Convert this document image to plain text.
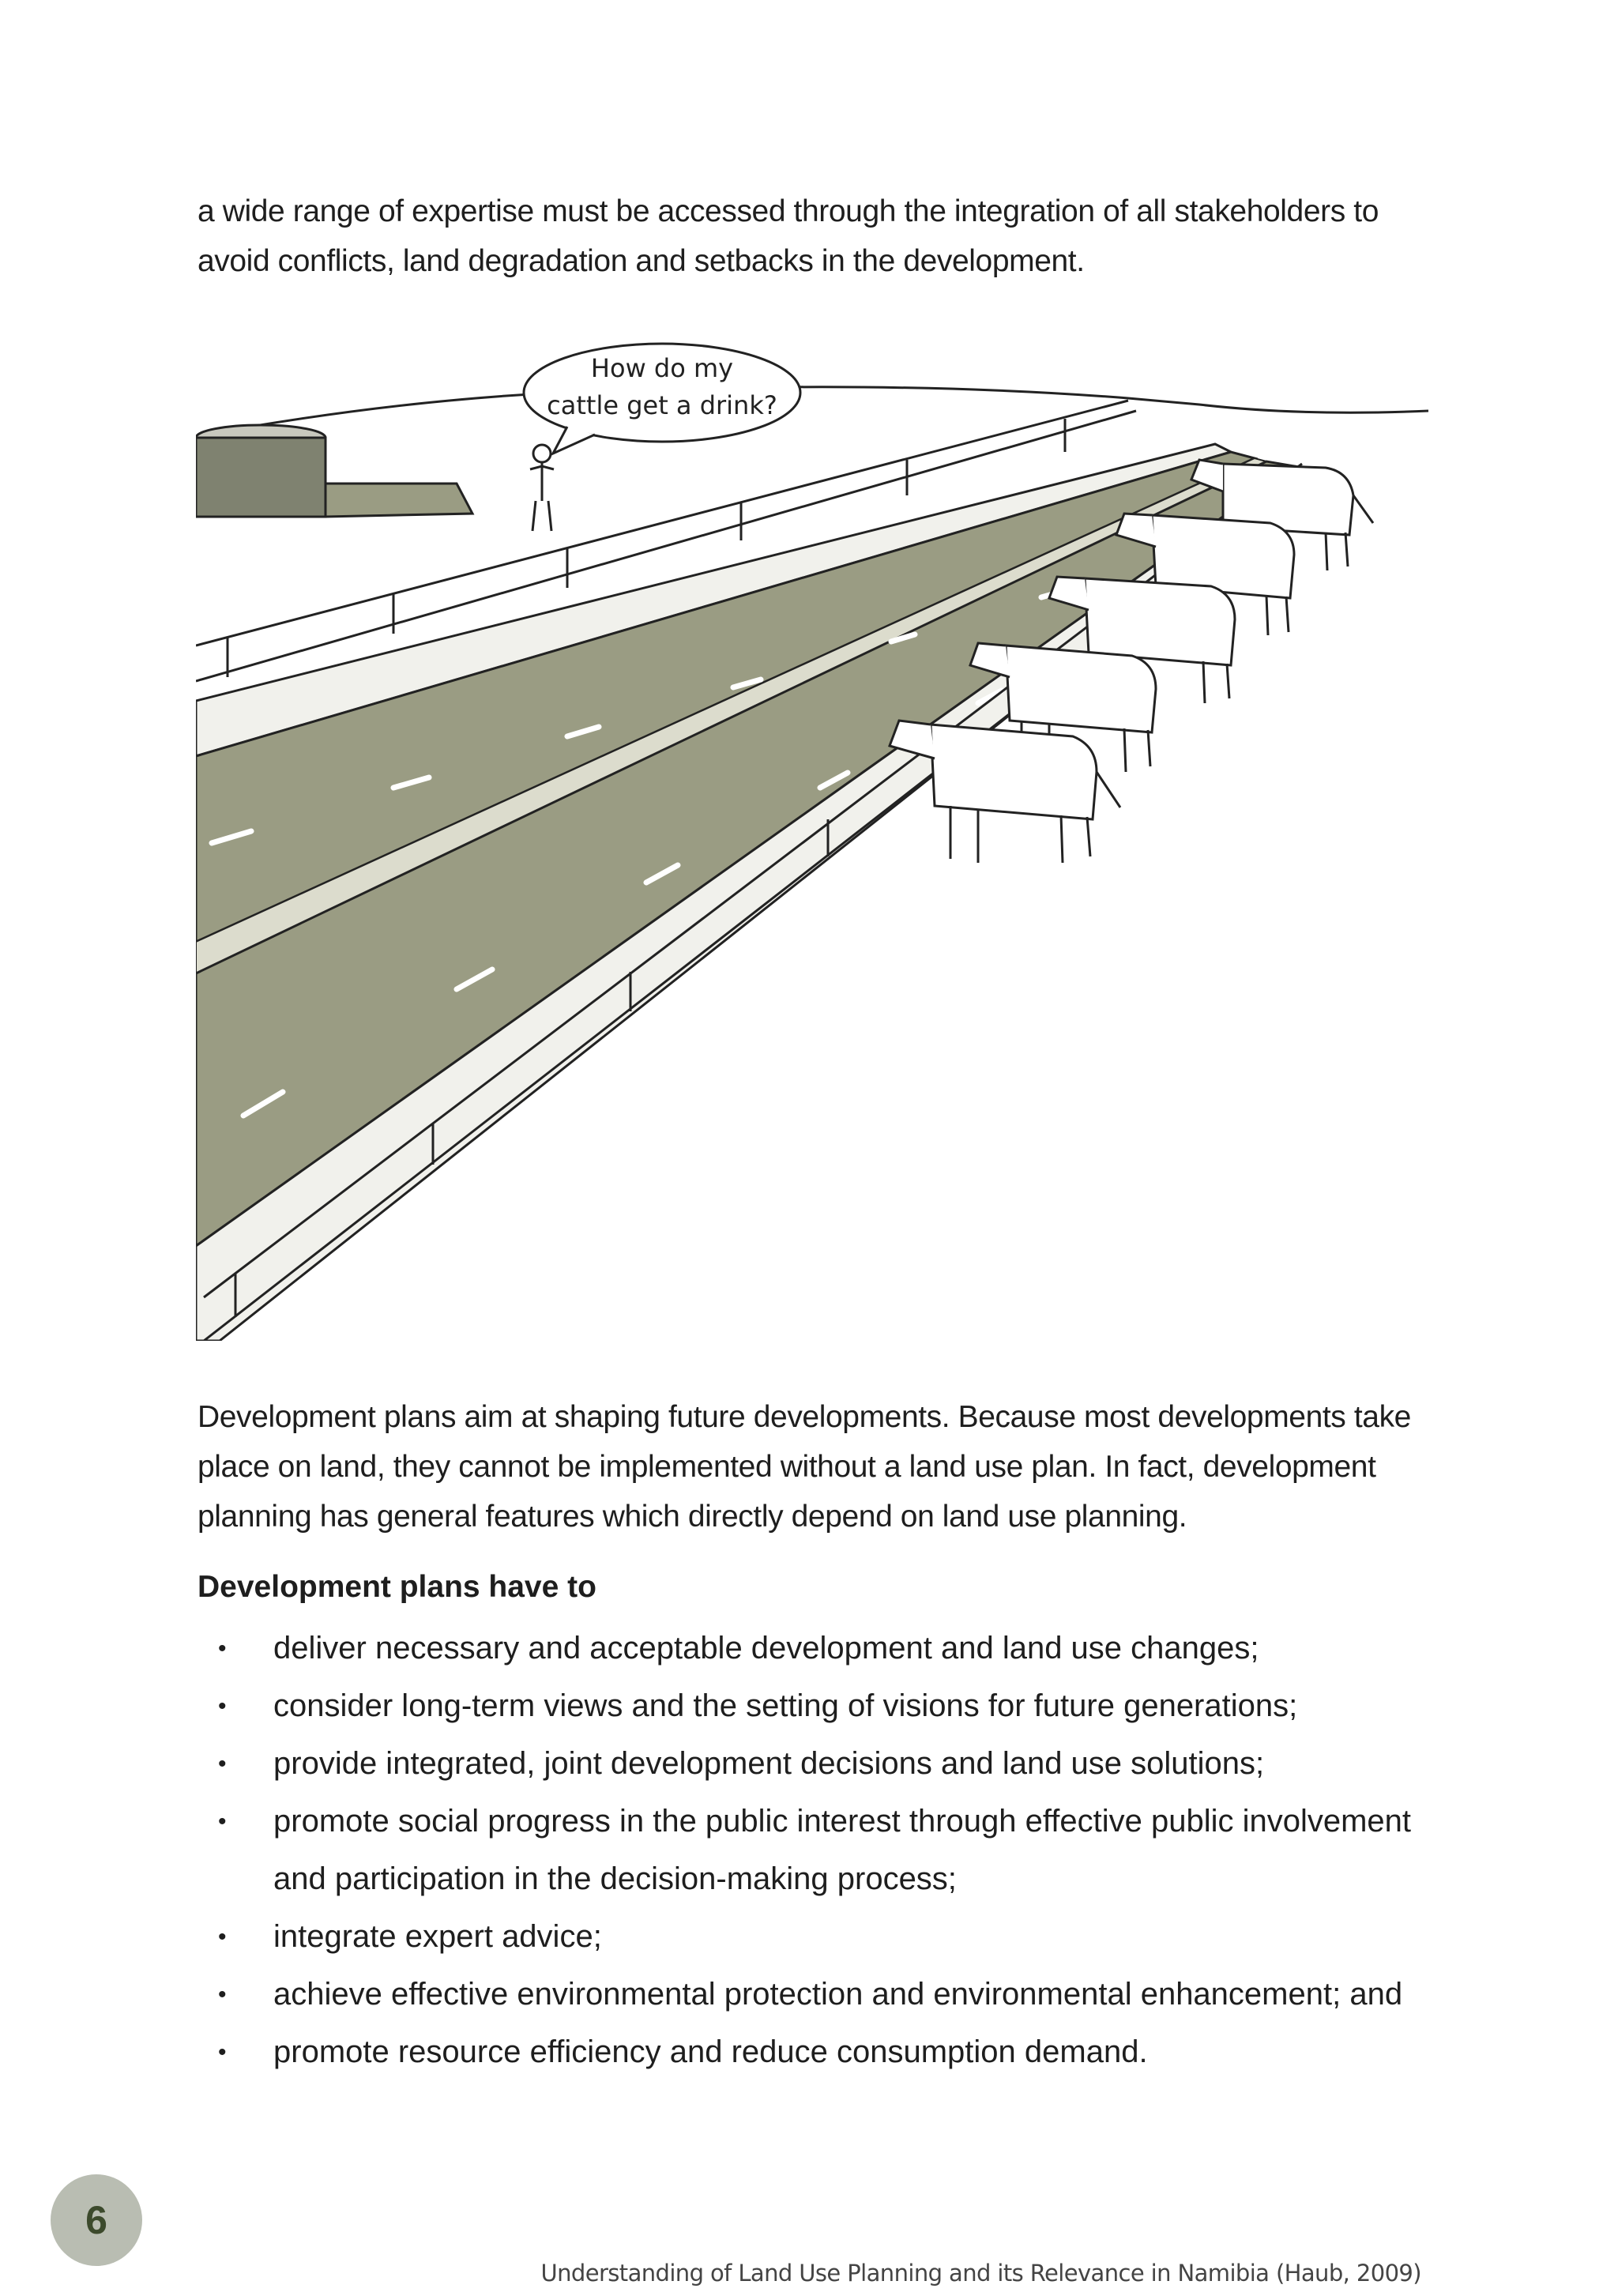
a wide range of expertise must be accessed through the integration of all stakeholders to avoid conflicts, land degradation and setbacks in the development.
How do my
cattle get a drink?
Development plans aim at shaping future developments. Because most developments take place on land, they cannot be implemented without a land use plan. In fact, development planning has general features which directly depend on land use planning.
Development plans have to
• deliver necessary and acceptable development and land use changes;
• consider long-term views and the setting of visions for future generations;
• provide integrated, joint development decisions and land use solutions;
• promote social progress in the public interest through effective public involvement and participation in the decision-making process;
• integrate expert advice;
• achieve effective environmental protection and environmental enhancement; and
• promote resource efficiency and reduce consumption demand.
6
Understanding of Land Use Planning and its Relevance in Namibia (Haub, 2009)
